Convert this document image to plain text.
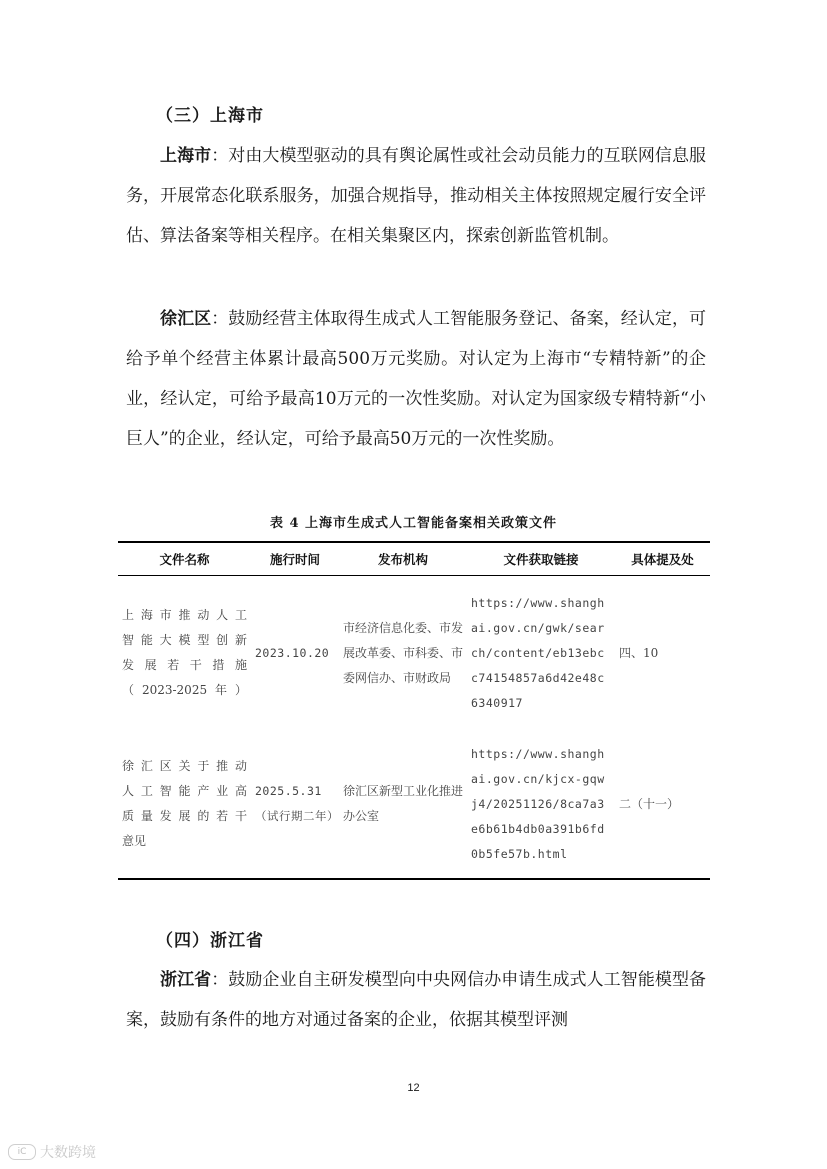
（三）上海市

上海市：对由大模型驱动的具有舆论属性或社会动员能力的互联网信息服务，开展常态化联系服务，加强合规指导，推动相关主体按照规定履行安全评估、算法备案等相关程序。在相关集聚区内，探索创新监管机制。

徐汇区：鼓励经营主体取得生成式人工智能服务登记、备案，经认定，可给予单个经营主体累计最高500万元奖励。对认定为上海市“专精特新”的企业，经认定，可给予最高10万元的一次性奖励。对认定为国家级专精特新“小巨人”的企业，经认定，可给予最高50万元的一次性奖励。

表 4 上海市生成式人工智能备案相关政策文件
文件名称	施行时间	发布机构	文件获取链接	具体提及处

上海市推动人工
智能大模型创新
发展若干措施
（2023-2025年）	2023.10.20	市经济信息化委、市发展改革委、市科委、市委网信办、市财政局	https://www.shanghai.gov.cn/gwk/search/content/eb13ebcc74154857a6d42e48c6340917	四、10

徐汇区关于推动
人工智能产业高
质量发展的若干
意见	2025.5.31（试行期二年）	徐汇区新型工业化推进办公室	https://www.shanghai.gov.cn/kjcx-gqwj4/20251126/8ca7a3e6b61b4db0a391b6fd0b5fe57b.html	二（十一）
（四）浙江省

浙江省：鼓励企业自主研发模型向中央网信办申请生成式人工智能模型备案，鼓励有条件的地方对通过备案的企业，依据其模型评测

12
iC 大数跨境
